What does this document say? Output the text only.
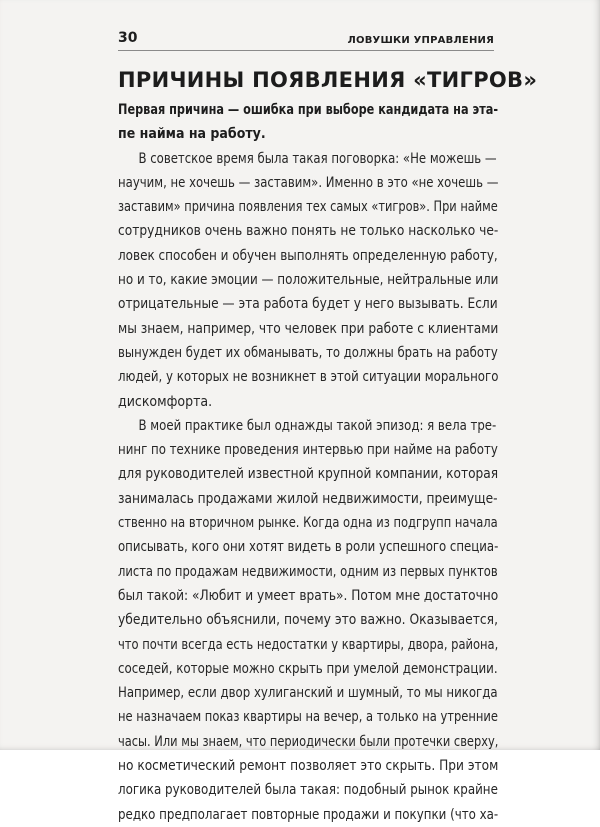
30	ЛОВУШКИ УПРАВЛЕНИЯ
ПРИЧИНЫ ПОЯВЛЕНИЯ «ТИГРОВ»
Первая причина — ошибка при выборе кандидата на эта-
пе найма на работу.
В советское время была такая поговорка: «Не можешь —
научим, не хочешь — заставим». Именно в это «не хочешь —
заставим» причина появления тех самых «тигров». При найме
сотрудников очень важно понять не только насколько че-
ловек способен и обучен выполнять определенную работу,
но и то, какие эмоции — положительные, нейтральные или
отрицательные — эта работа будет у него вызывать. Если
мы знаем, например, что человек при работе с клиентами
вынужден будет их обманывать, то должны брать на работу
людей, у которых не возникнет в этой ситуации морального
дискомфорта.
В моей практике был однажды такой эпизод: я вела тре-
нинг по технике проведения интервью при найме на работу
для руководителей известной крупной компании, которая
занималась продажами жилой недвижимости, преимуще-
ственно на вторичном рынке. Когда одна из подгрупп начала
описывать, кого они хотят видеть в роли успешного специа-
листа по продажам недвижимости, одним из первых пунктов
был такой: «Любит и умеет врать». Потом мне достаточно
убедительно объяснили, почему это важно. Оказывается,
что почти всегда есть недостатки у квартиры, двора, района,
соседей, которые можно скрыть при умелой демонстрации.
Например, если двор хулиганский и шумный, то мы никогда
не назначаем показ квартиры на вечер, а только на утренние
часы. Или мы знаем, что периодически были протечки сверху,
но косметический ремонт позволяет это скрыть. При этом
логика руководителей была такая: подобный рынок крайне
редко предполагает повторные продажи и покупки (что ха-
